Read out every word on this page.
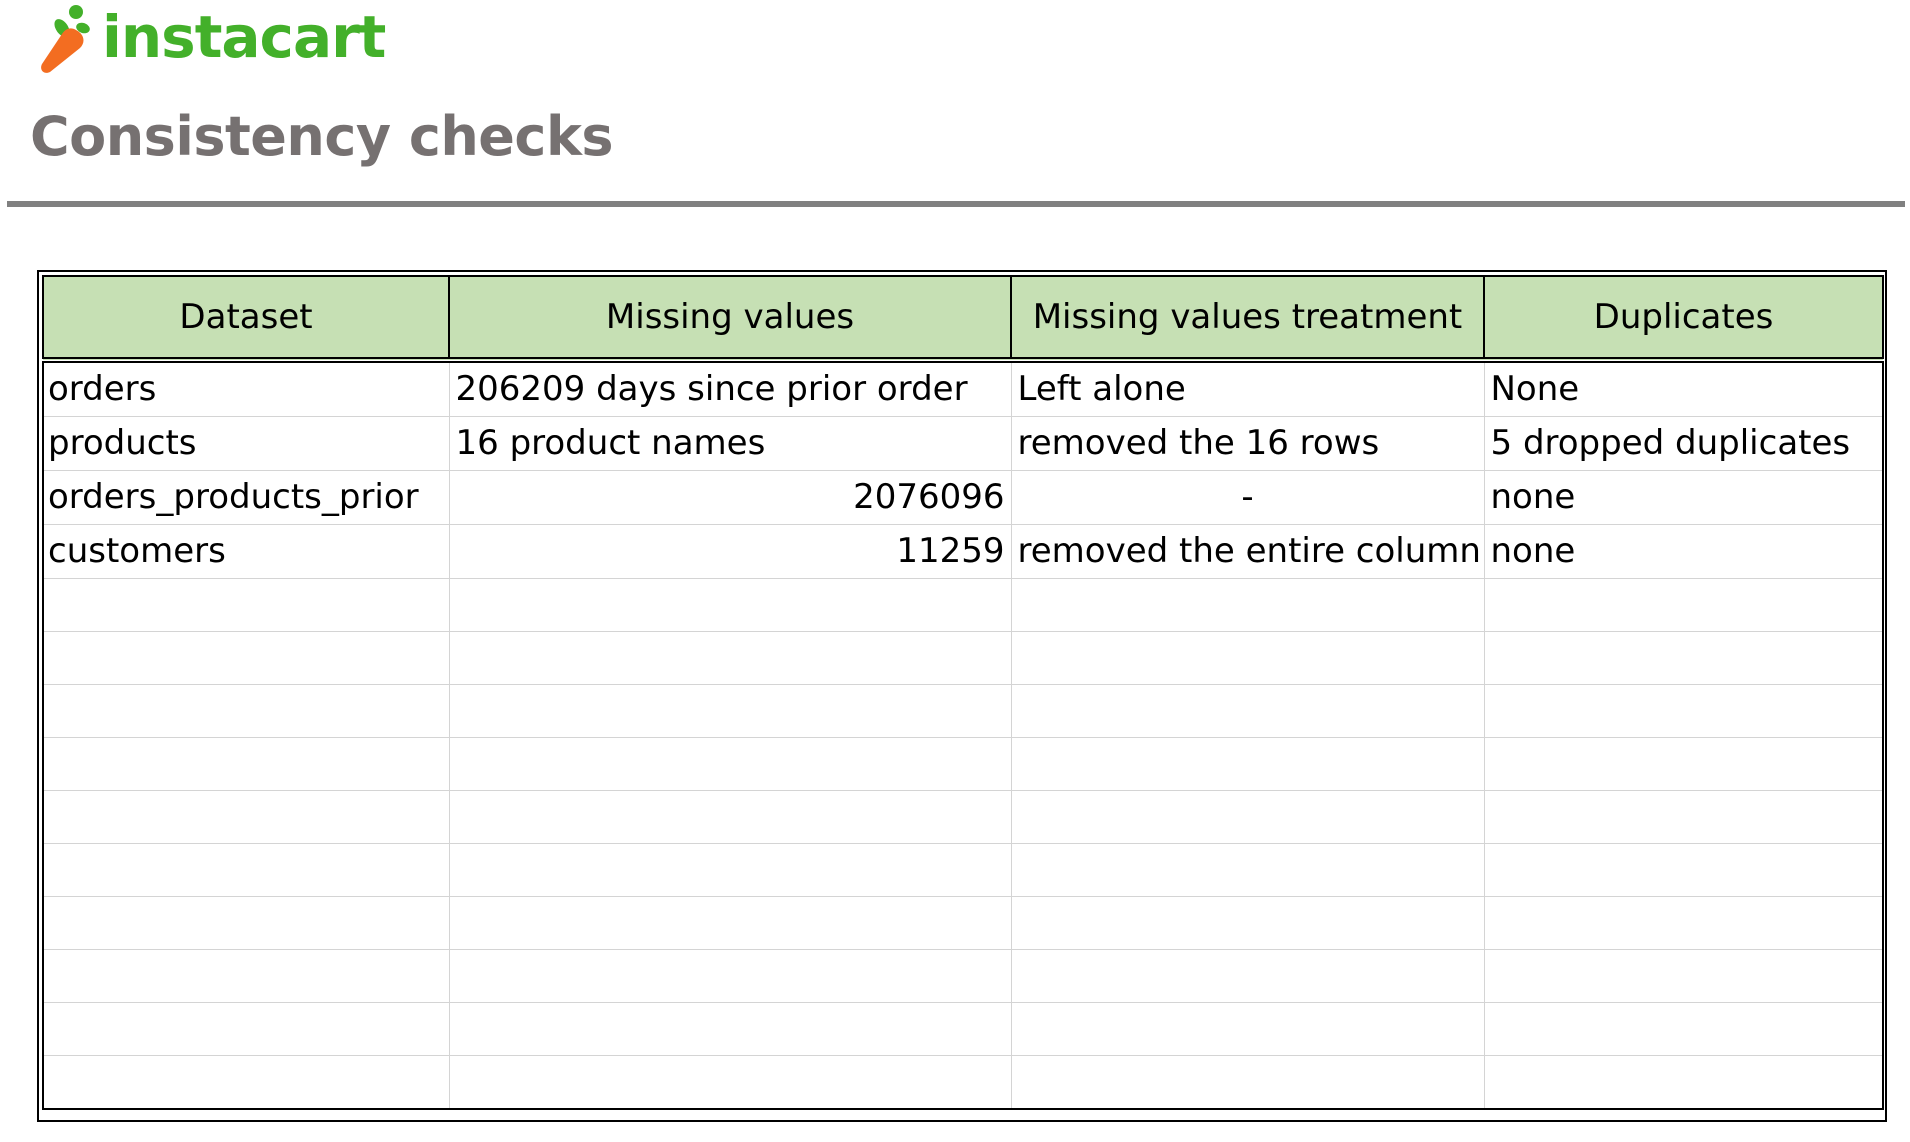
instacart
Consistency checks
Dataset	Missing values	Missing values treatment	Duplicates
orders	206209 days since prior order	Left alone	None
products	16 product names	removed the 16 rows	5 dropped duplicates
orders_products_prior	2076096	-	none
customers	11259	removed the entire column	none
